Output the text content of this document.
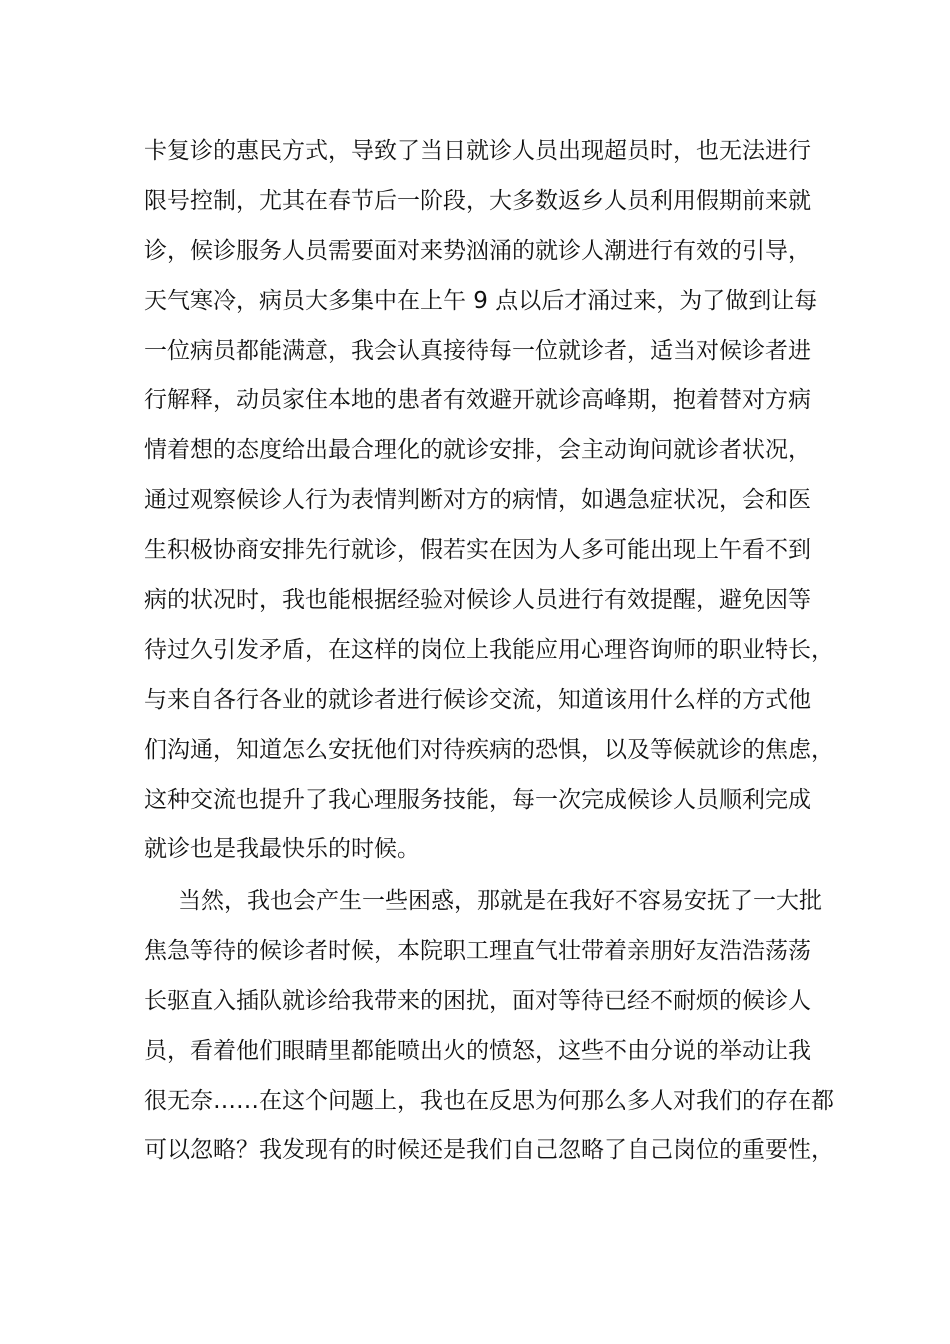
卡复诊的惠民方式，导致了当日就诊人员出现超员时，也无法进行
限号控制，尤其在春节后一阶段，大多数返乡人员利用假期前来就
诊，候诊服务人员需要面对来势汹涌的就诊人潮进行有效的引导，
天气寒冷，病员大多集中在上午 9 点以后才涌过来，为了做到让每
一位病员都能满意，我会认真接待每一位就诊者，适当对候诊者进
行解释，动员家住本地的患者有效避开就诊高峰期，抱着替对方病
情着想的态度给出最合理化的就诊安排，会主动询问就诊者状况，
通过观察候诊人行为表情判断对方的病情，如遇急症状况，会和医
生积极协商安排先行就诊，假若实在因为人多可能出现上午看不到
病的状况时，我也能根据经验对候诊人员进行有效提醒，避免因等
待过久引发矛盾，在这样的岗位上我能应用心理咨询师的职业特长，
与来自各行各业的就诊者进行候诊交流，知道该用什么样的方式他
们沟通，知道怎么安抚他们对待疾病的恐惧，以及等候就诊的焦虑，
这种交流也提升了我心理服务技能，每一次完成候诊人员顺利完成
就诊也是我最快乐的时候。
当然，我也会产生一些困惑，那就是在我好不容易安抚了一大批
焦急等待的候诊者时候，本院职工理直气壮带着亲朋好友浩浩荡荡
长驱直入插队就诊给我带来的困扰，面对等待已经不耐烦的候诊人
员，看着他们眼睛里都能喷出火的愤怒，这些不由分说的举动让我
很无奈……在这个问题上，我也在反思为何那么多人对我们的存在都
可以忽略？我发现有的时候还是我们自己忽略了自己岗位的重要性，
